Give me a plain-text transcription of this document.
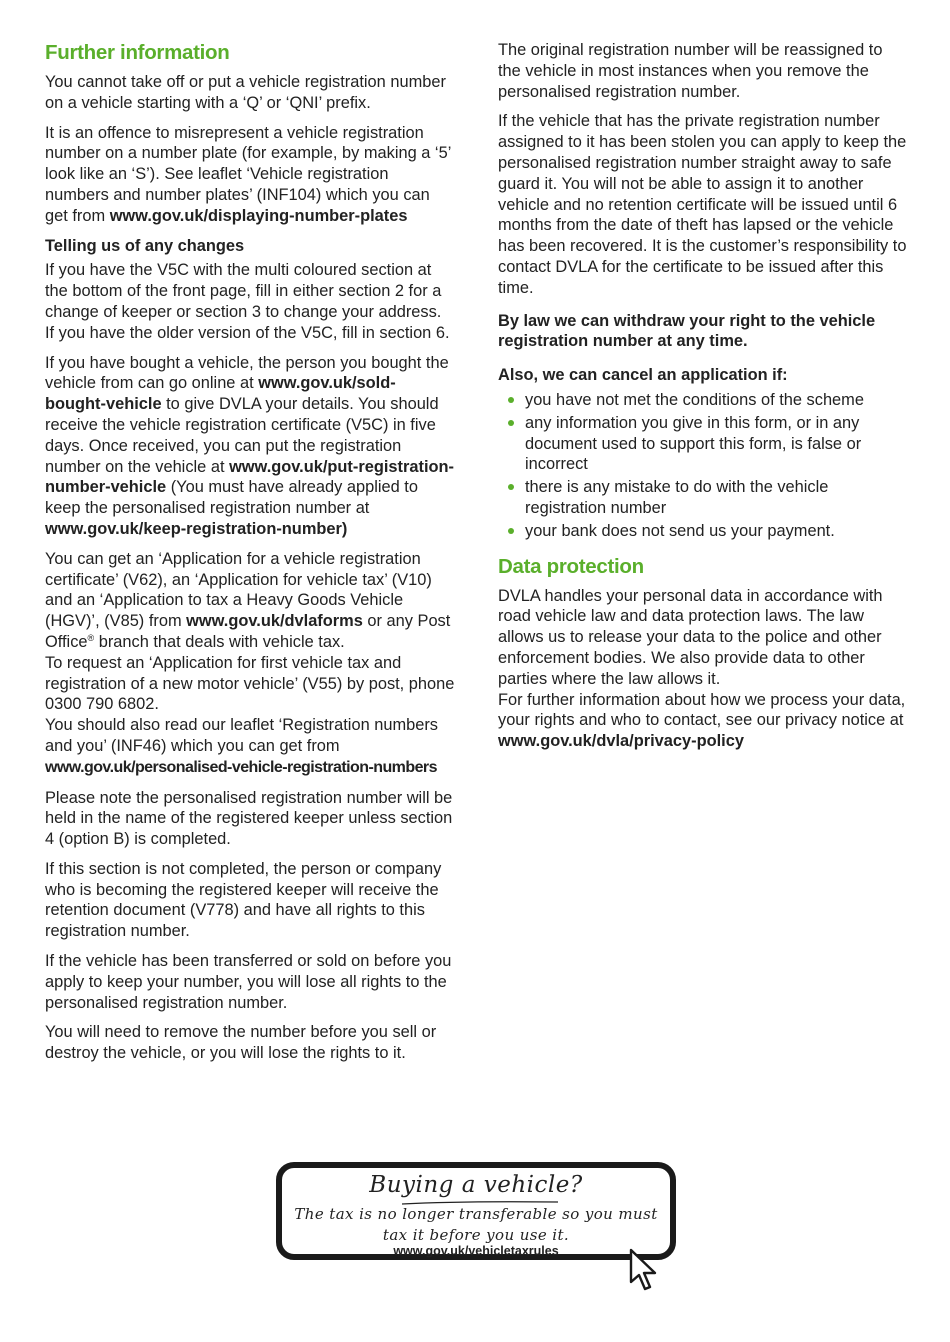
Further information

You cannot take off or put a vehicle registration number on a vehicle starting with a ‘Q’ or ‘QNI’ prefix.

It is an offence to misrepresent a vehicle registration number on a number plate (for example, by making a ‘5’ look like an ‘S’). See leaflet ‘Vehicle registration numbers and number plates’ (INF104) which you can get from www.gov.uk/displaying-number-plates

Telling us of any changes

If you have the V5C with the multi coloured section at the bottom of the front page, fill in either section 2 for a change of keeper or section 3 to change your address. If you have the older version of the V5C, fill in section 6.

If you have bought a vehicle, the person you bought the vehicle from can go online at www.gov.uk/sold-bought-vehicle to give DVLA your details. You should receive the vehicle registration certificate (V5C) in five days. Once received, you can put the registration number on the vehicle at www.gov.uk/put-registration-number-vehicle (You must have already applied to keep the personalised registration number at www.gov.uk/keep-registration-number)

You can get an ‘Application for a vehicle registration certificate’ (V62), an ‘Application for vehicle tax’ (V10) and an ‘Application to tax a Heavy Goods Vehicle (HGV)’, (V85) from www.gov.uk/dvlaforms or any Post Office® branch that deals with vehicle tax.

To request an ‘Application for first vehicle tax and registration of a new motor vehicle’ (V55) by post, phone 0300 790 6802.

You should also read our leaflet ‘Registration numbers and you’ (INF46) which you can get from
www.gov.uk/personalised-vehicle-registration-numbers

Please note the personalised registration number will be held in the name of the registered keeper unless section 4 (option B) is completed.

If this section is not completed, the person or company who is becoming the registered keeper will receive the retention document (V778) and have all rights to this registration number.

If the vehicle has been transferred or sold on before you apply to keep your number, you will lose all rights to the personalised registration number.

You will need to remove the number before you sell or destroy the vehicle, or you will lose the rights to it.

The original registration number will be reassigned to the vehicle in most instances when you remove the personalised registration number.

If the vehicle that has the private registration number assigned to it has been stolen you can apply to keep the personalised registration number straight away to safe guard it. You will not be able to assign it to another vehicle and no retention certificate will be issued until 6 months from the date of theft has lapsed or the vehicle has been recovered. It is the customer’s responsibility to contact DVLA for the certificate to be issued after this time.

By law we can withdraw your right to the vehicle registration number at any time.

Also, we can cancel an application if:
you have not met the conditions of the scheme
any information you give in this form, or in any document used to support this form, is false or incorrect
there is any mistake to do with the vehicle registration number
your bank does not send us your payment.
Data protection

DVLA handles your personal data in accordance with road vehicle law and data protection laws. The law allows us to release your data to the police and other enforcement bodies. We also provide data to other parties where the law allows it.

For further information about how we process your data, your rights and who to contact, see our privacy notice at
www.gov.uk/dvla/privacy-policy

Buying a vehicle?
The tax is no longer transferable so you must tax it before you use it.
www.gov.uk/vehicletaxrules
